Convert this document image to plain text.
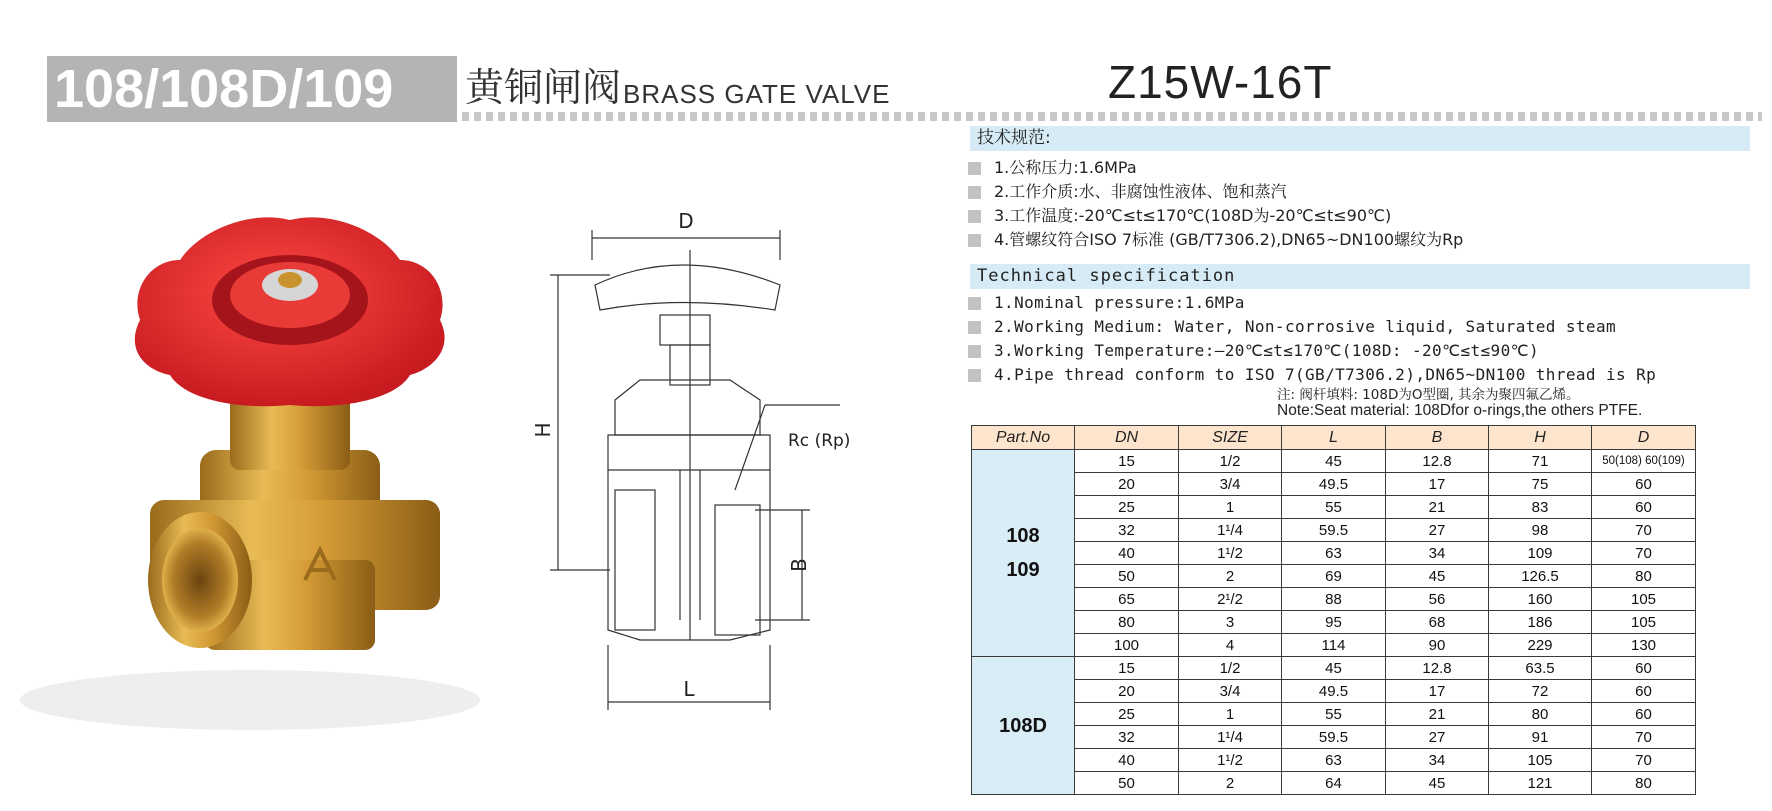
108/108D/109 黄铜闸阀 BRASS GATE VALVE	Z15W-16T
技术规范:
1.公称压力:1.6MPa
2.工作介质:水、非腐蚀性液体、饱和蒸汽
3.工作温度:-20℃≤t≤170℃(108D为-20℃≤t≤90℃)
4.管螺纹符合ISO 7标准 (GB/T7306.2),DN65~DN100螺纹为Rp
Technical specification
1.Nominal pressure:1.6MPa
2.Working Medium: Water, Non-corrosive liquid, Saturated steam
3.Working Temperature:—20℃≤t≤170℃(108D: -20℃≤t≤90℃)
4.Pipe thread conform to ISO 7(GB/T7306.2),DN65~DN100 thread is Rp
注: 阀杆填料: 108D为O型圈, 其余为聚四氟乙烯。
Note:Seat material: 108Dfor o-rings,the others PTFE.
Part.No	DN	SIZE	L	B	H	D
108
109	15	1/2	45	12.8	71	50(108) 60(109)
	20	3/4	49.5	17	75	60
	25	1	55	21	83	60
	32	1¹/4	59.5	27	98	70
	40	1¹/2	63	34	109	70
	50	2	69	45	126.5	80
	65	2¹/2	88	56	160	105
	80	3	95	68	186	105
	100	4	114	90	229	130
108D	15	1/2	45	12.8	63.5	60
	20	3/4	49.5	17	72	60
	25	1	55	21	80	60
	32	1¹/4	59.5	27	91	70
	40	1¹/2	63	34	105	70
	50	2	64	45	121	80
D
H
B
L
Rc (Rp)
